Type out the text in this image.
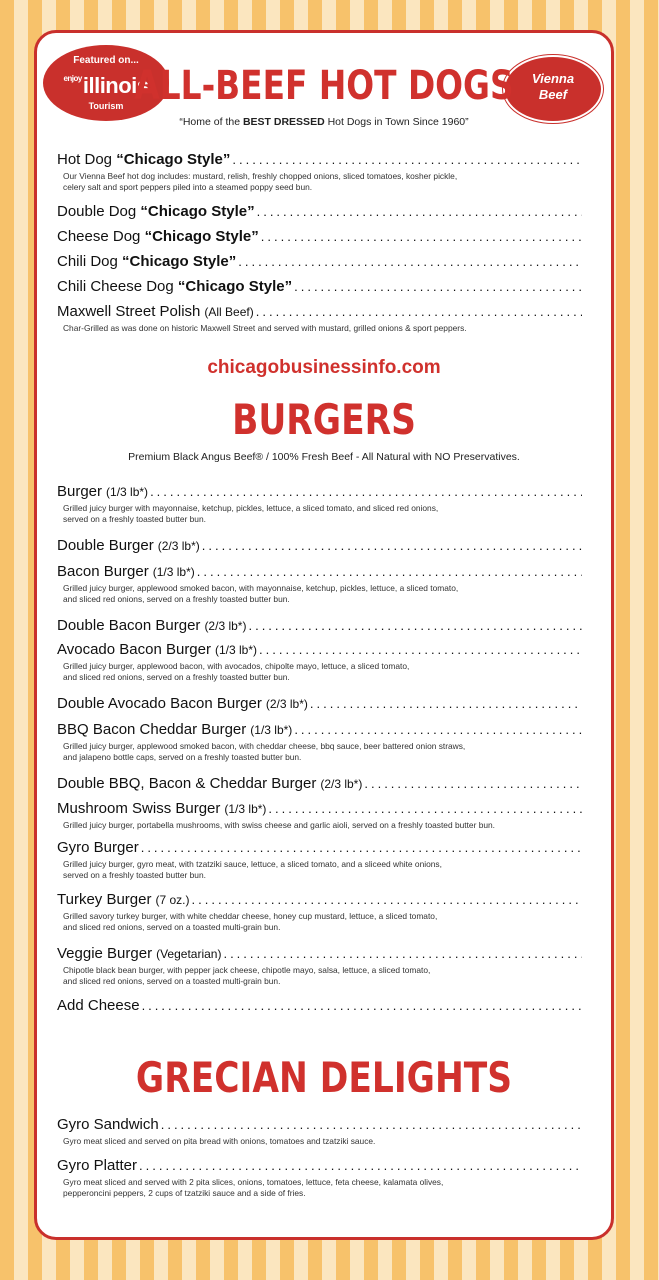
Featured on...
$^{enjoy}$illinois
Tourism
Vienna
Beef
ALL-BEEF HOT DOGS
“Home of the BEST DRESSED Hot Dogs in Town Since 1960”
Hot Dog “Chicago Style”
.....
Our Vienna Beef hot dog includes: mustard, relish, freshly chopped onions, sliced tomatoes, kosher pickle,
celery salt and sport peppers piled into a steamed poppy seed bun.
Double Dog “Chicago Style”
.....
Cheese Dog “Chicago Style”
.....
Chili Dog “Chicago Style”
.....
Chili Cheese Dog “Chicago Style”
.....
Maxwell Street Polish (All Beef)
.....
Char-Grilled as was done on historic Maxwell Street and served with mustard, grilled onions & sport peppers.
chicagobusinessinfo.com
BURGERS
Premium Black Angus Beef® / 100% Fresh Beef - All Natural with NO Preservatives.
Burger (1/3 lb*)
.....
Grilled juicy burger with mayonnaise, ketchup, pickles, lettuce, a sliced tomato, and sliced red onions,
served on a freshly toasted butter bun.
Double Burger (2/3 lb*)
.....
Bacon Burger (1/3 lb*)
.....
Grilled juicy burger, applewood smoked bacon, with mayonnaise, ketchup, pickles, lettuce, a sliced tomato,
and sliced red onions, served on a freshly toasted butter bun.
Double Bacon Burger (2/3 lb*)
.....
Avocado Bacon Burger (1/3 lb*)
.....
Grilled juicy burger, applewood bacon, with avocados, chipolte mayo, lettuce, a sliced tomato,
and sliced red onions, served on a freshly toasted butter bun.
Double Avocado Bacon Burger (2/3 lb*)
.....
BBQ Bacon Cheddar Burger (1/3 lb*)
.....
Grilled juicy burger, applewood smoked bacon, with cheddar cheese, bbq sauce, beer battered onion straws,
and jalapeno bottle caps, served on a freshly toasted butter bun.
Double BBQ, Bacon & Cheddar Burger (2/3 lb*)
.....
Mushroom Swiss Burger (1/3 lb*)
.....
Grilled juicy burger, portabella mushrooms, with swiss cheese and garlic aioli, served on a freshly toasted butter bun.
Gyro Burger
.....
Grilled juicy burger, gyro meat, with tzatziki sauce, lettuce, a sliced tomato, and a sliceed white onions,
served on a freshly toasted butter bun.
Turkey Burger (7 oz.)
.....
Grilled savory turkey burger, with white cheddar cheese, honey cup mustard, lettuce, a sliced tomato,
and sliced red onions, served on a toasted multi-grain bun.
Veggie Burger (Vegetarian)
.....
Chipotle black bean burger, with pepper jack cheese, chipotle mayo, salsa, lettuce, a sliced tomato,
and sliced red onions, served on a toasted multi-grain bun.
Add Cheese
.....
GRECIAN DELIGHTS
Gyro Sandwich
.....
Gyro meat sliced and served on pita bread with onions, tomatoes and tzatziki sauce.
Gyro Platter
.....
Gyro meat sliced and served with 2 pita slices, onions, tomatoes, lettuce, feta cheese, kalamata olives,
pepperoncini peppers, 2 cups of tzatziki sauce and a side of fries.
